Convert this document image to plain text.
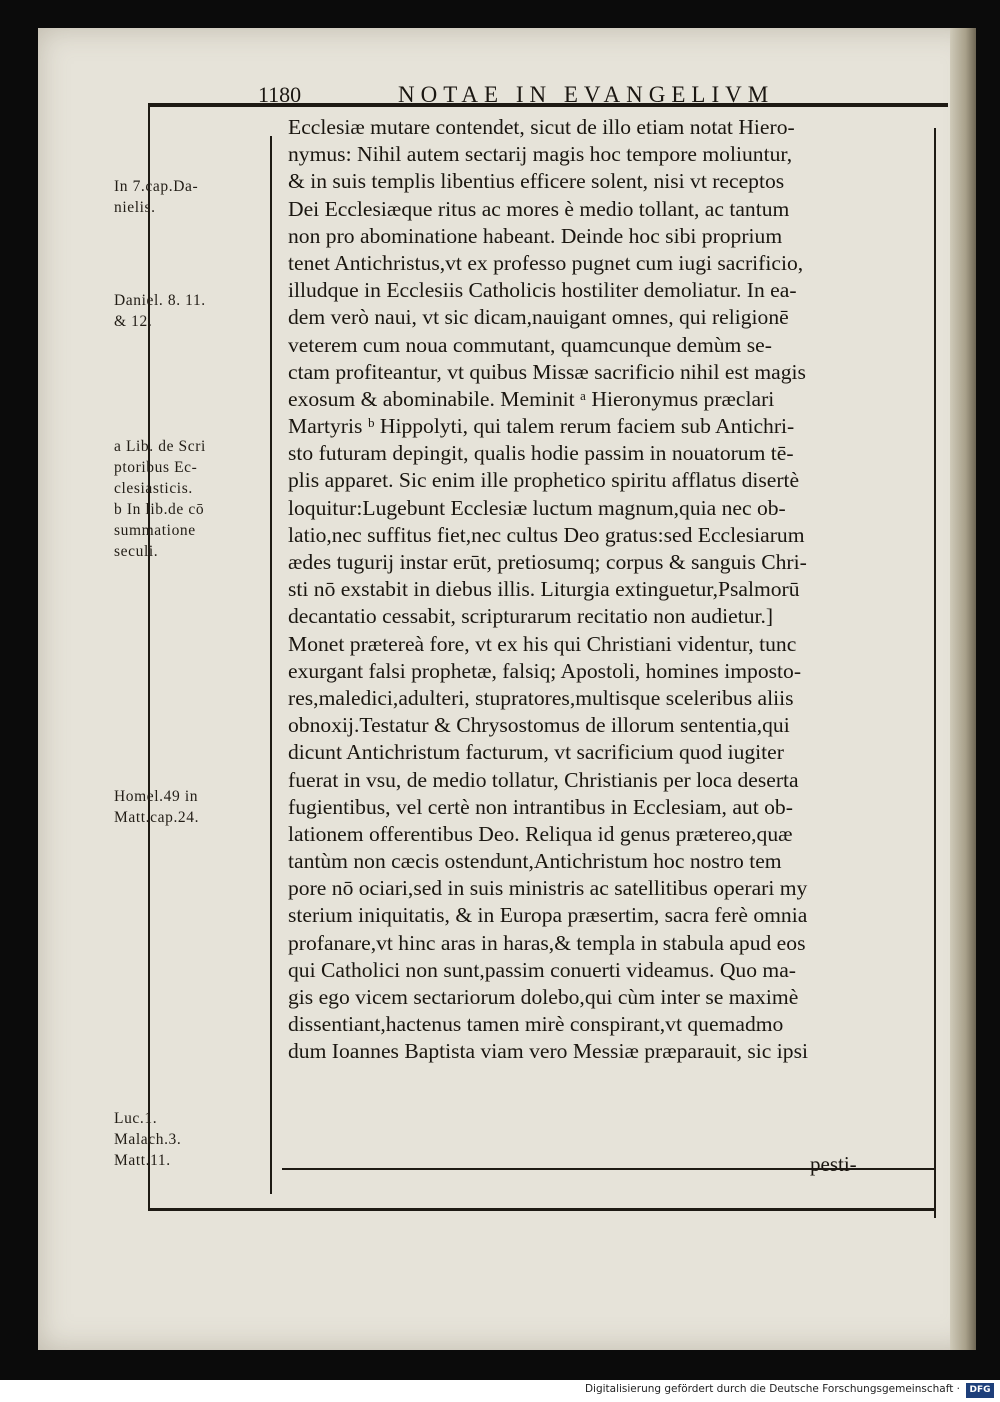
1180	NOTAE IN EVANGELIVM
In 7.cap.Da-
nielis.
Daniel. 8. 11.
& 12.
a Lib. de Scri
ptoribus Ec-
clesiasticis.
b In lib.de cō
summatione
seculi.
Homel.49 in
Matt.cap.24.
Luc.1.
Malach.3.
Matt.11.
Ecclesiæ mutare contendet, sicut de illo etiam notat Hiero-
nymus: Nihil autem sectarij magis hoc tempore moliuntur,
& in suis templis libentius efficere solent, nisi vt receptos
Dei Ecclesiæque ritus ac mores è medio tollant, ac tantum
non pro abominatione habeant. Deinde hoc sibi proprium
tenet Antichristus,vt ex professo pugnet cum iugi sacrificio,
illudque in Ecclesiis Catholicis hostiliter demoliatur. In ea-
dem verò naui, vt sic dicam,nauigant omnes, qui religionē
veterem cum noua commutant, quamcunque demùm se-
ctam profiteantur, vt quibus Missæ sacrificio nihil est magis
exosum & abominabile. Meminit ᵃ Hieronymus præclari
Martyris ᵇ Hippolyti, qui talem rerum faciem sub Antichri-
sto futuram depingit, qualis hodie passim in nouatorum tē-
plis apparet. Sic enim ille prophetico spiritu afflatus disertè
loquitur:Lugebunt Ecclesiæ luctum magnum,quia nec ob-
latio,nec suffitus fiet,nec cultus Deo gratus:sed Ecclesiarum
ædes tugurij instar erūt, pretiosumq; corpus & sanguis Chri-
sti nō exstabit in diebus illis. Liturgia extinguetur,Psalmorū
decantatio cessabit, scripturarum recitatio non audietur.]
Monet prætereà fore, vt ex his qui Christiani videntur, tunc
exurgant falsi prophetæ, falsiq; Apostoli, homines imposto-
res,maledici,adulteri, stupratores,multisque sceleribus aliis
obnoxij.Testatur & Chrysostomus de illorum sententia,qui
dicunt Antichristum facturum, vt sacrificium quod iugiter
fuerat in vsu, de medio tollatur, Christianis per loca deserta
fugientibus, vel certè non intrantibus in Ecclesiam, aut ob-
lationem offerentibus Deo. Reliqua id genus prætereo,quæ
tantùm non cæcis ostendunt,Antichristum hoc nostro tem
pore nō ociari,sed in suis ministris ac satellitibus operari my
sterium iniquitatis, & in Europa præsertim, sacra ferè omnia
profanare,vt hinc aras in haras,& templa in stabula apud eos
qui Catholici non sunt,passim conuerti videamus. Quo ma-
gis ego vicem sectariorum dolebo,qui cùm inter se maximè
dissentiant,hactenus tamen mirè conspirant,vt quemadmo
dum Ioannes Baptista viam vero Messiæ præparauit, sic ipsi
pesti-
Digitalisierung gefördert durch die Deutsche Forschungsgemeinschaft ·	DFG
